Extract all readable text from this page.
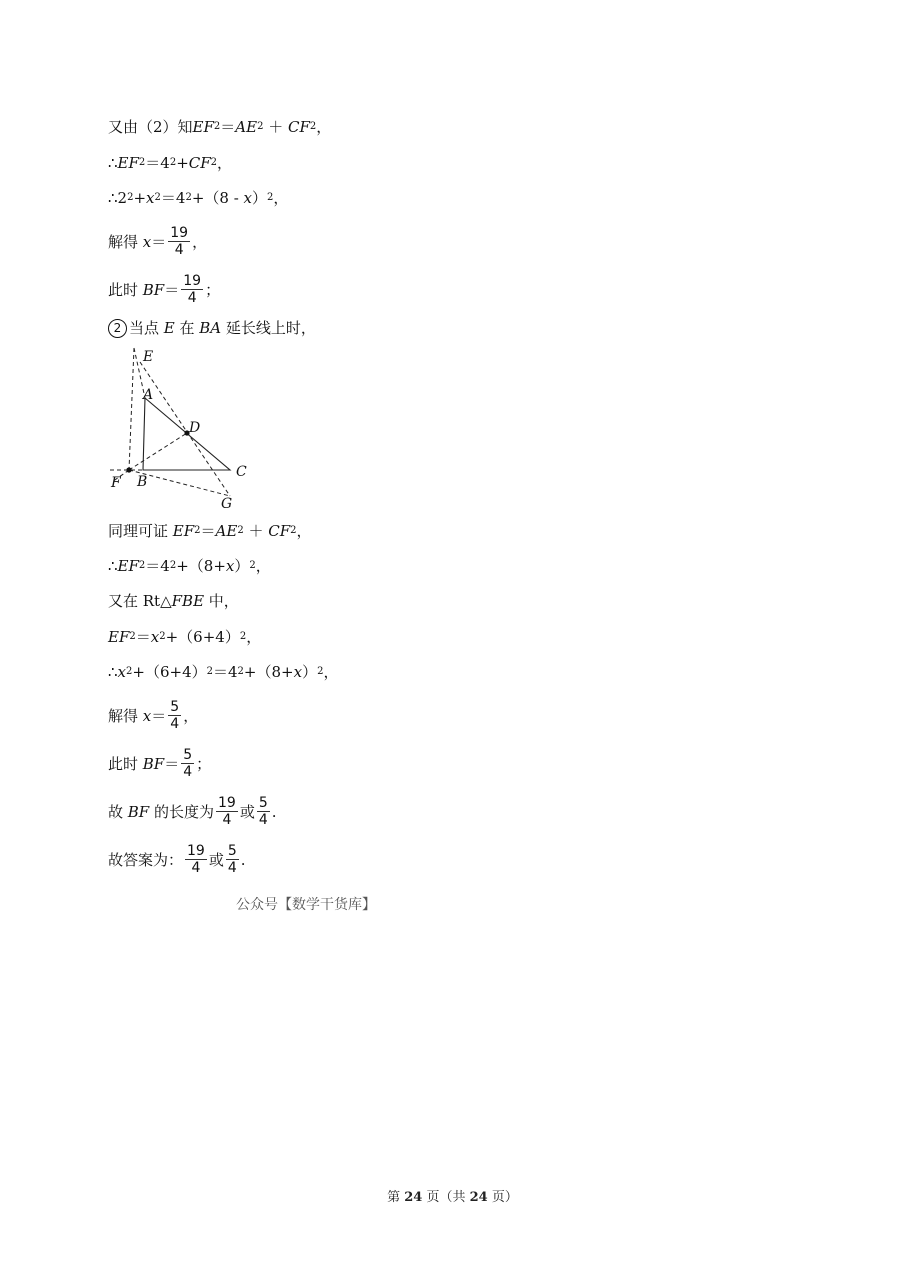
又由（2）知 EF 2 ＝ AE 2 ＋ CF 2 ，
∴ EF 2 ＝4 2 + CF 2 ，
∴2 2 + x 2 ＝4 2 +（8 - x ） 2 ，
解得 $x = \frac{19}{4}$ ，
此时 BF ＝ $\frac{19}{4}$ ；
2 当点 E 在 BA 延长线上时，
E
A
D
C
F B
G
同理可证 EF 2 ＝ AE 2 ＋ CF 2 ，
∴ EF 2 ＝4 2 +（8+ x ） 2 ，
又在 Rt△ FBE 中，
EF 2 ＝ x 2 +（6+4） 2 ，
∴ x 2 +（6+4） 2 ＝4 2 +（8+ x ） 2 ，
解得 $x = \frac{5}{4}$ ，
此时 BF ＝ $\frac{5}{4}$ ；
故 BF 的长度为 $\frac{19}{4}$ 或 $\frac{5}{4}$ .
故答案为： $\frac{19}{4}$ 或 $\frac{5}{4}$ .
公众号【数学干货库】
第 24 页（共 24 页）
